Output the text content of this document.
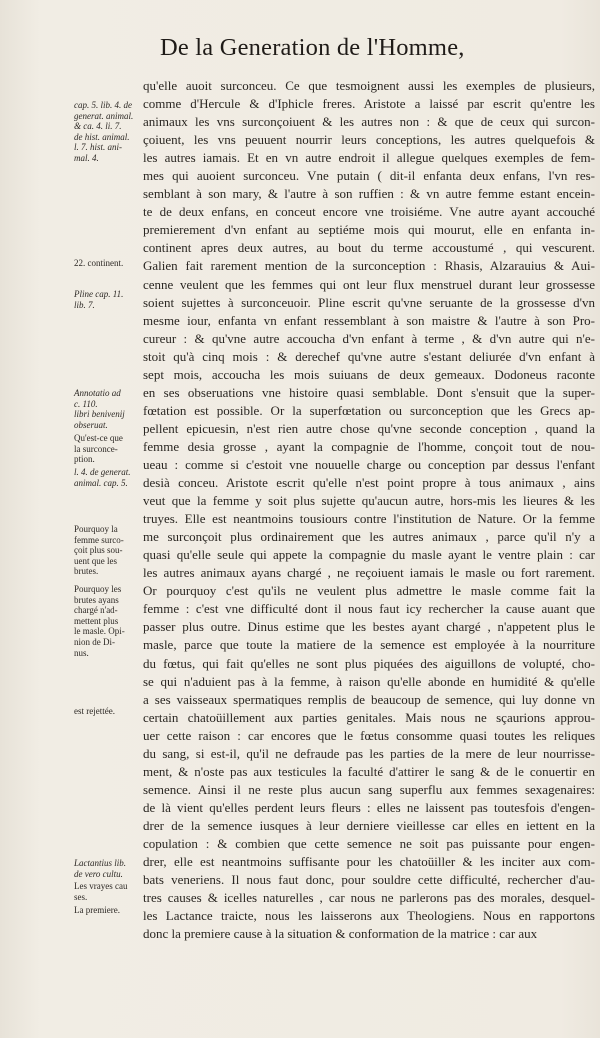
De la Generation de l'Homme,
qu'elle auoit surconceu. Ce que tesmoignent aussi les exemples de plusieurs,
comme d'Hercule & d'Iphicle freres. Aristote a laissé par escrit qu'entre les
animaux les vns surconçoiuent & les autres non : & que de ceux qui surcon-
çoiuent, les vns peuuent nourrir leurs conceptions, les autres quelquefois &
les autres iamais. Et en vn autre endroit il allegue quelques exemples de fem-
mes qui auoient surconceu. Vne putain ( dit-il enfanta deux enfans, l'vn res-
semblant à son mary, & l'autre à son ruffien : & vn autre femme estant encein-
te de deux enfans, en conceut encore vne troisiéme. Vne autre ayant accouché
premierement d'vn enfant au septiéme mois qui mourut, elle en enfanta in-
continent apres deux autres, au bout du terme accoustumé , qui vescurent.
Galien fait rarement mention de la surconception : Rhasis, Alzarauius & Aui-
cenne veulent que les femmes qui ont leur flux menstruel durant leur grossesse
soient sujettes à surconceuoir. Pline escrit qu'vne seruante de la grossesse d'vn
mesme iour, enfanta vn enfant ressemblant à son maistre & l'autre à son Pro-
cureur : & qu'vne autre accoucha d'vn enfant à terme , & d'vn autre qui n'e-
stoit qu'à cinq mois : & derechef qu'vne autre s'estant deliurée d'vn enfant à
sept mois, accoucha les mois suiuans de deux gemeaux. Dodoneus raconte
en ses obseruations vne histoire quasi semblable. Dont s'ensuit que la super-
fœtation est possible. Or la superfœtation ou surconception que les Grecs ap-
pellent epicuesin, n'est rien autre chose qu'vne seconde conception , quand la
femme desia grosse , ayant la compagnie de l'homme, conçoit tout de nou-
ueau : comme si c'estoit vne nouuelle charge ou conception par dessus l'enfant
desià conceu. Aristote escrit qu'elle n'est point propre à tous animaux , ains
veut que la femme y soit plus sujette qu'aucun autre, hors-mis les lieures & les
truyes. Elle est neantmoins tousiours contre l'institution de Nature. Or la femme
me surconçoit plus ordinairement que les autres animaux , parce qu'il n'y a
quasi qu'elle seule qui appete la compagnie du masle ayant le ventre plain : car
les autres animaux ayans chargé , ne reçoiuent iamais le masle ou fort rarement.
Or pourquoy c'est qu'ils ne veulent plus admettre le masle comme fait la
femme : c'est vne difficulté dont il nous faut icy rechercher la cause auant que
passer plus outre. Dinus estime que les bestes ayant chargé , n'appetent plus le
masle, parce que toute la matiere de la semence est employée à la nourriture
du fœtus, qui fait qu'elles ne sont plus piquées des aiguillons de volupté, cho-
se qui n'aduient pas à la femme, à raison qu'elle abonde en humidité & qu'elle
a ses vaisseaux spermatiques remplis de beaucoup de semence, qui luy donne vn
certain chatoüillement aux parties genitales. Mais nous ne sçaurions approu-
uer cette raison : car encores que le fœtus consomme quasi toutes les reliques
du sang, si est-il, qu'il ne defraude pas les parties de la mere de leur nourrisse-
ment, & n'oste pas aux testicules la faculté d'attirer le sang & de le conuertir en
semence. Ainsi il ne reste plus aucun sang superflu aux femmes sexagenaires:
de là vient qu'elles perdent leurs fleurs : elles ne laissent pas toutesfois d'engen-
drer de la semence iusques à leur derniere vieillesse car elles en iettent en la
copulation : & combien que cette semence ne soit pas puissante pour engen-
drer, elle est neantmoins suffisante pour les chatoüiller & les inciter aux com-
bats veneriens. Il nous faut donc, pour souldre cette difficulté, rechercher d'au-
tres causes & icelles naturelles , car nous ne parlerons pas des morales, desquel-
les Lactance traicte, nous les laisserons aux Theologiens. Nous en rapportons
donc la premiere cause à la situation & conformation de la matrice : car aux
cap. 5. lib. 4. de
generat. animal.
& ca. 4. li. 7.
de hist. animal.
l. 7. hist. ani-
mal. 4.
22. continent.
Pline cap. 11.
lib. 7.
Annotatio ad
c. 110.
libri benivenij
obseruat.
Qu'est-ce que
la surconce-
ption.
l. 4. de generat.
animal. cap. 5.
Pourquoy la
femme surco-
çoit plus sou-
uent que les
brutes.
Pourquoy les
brutes ayans
chargé n'ad-
mettent plus
le masle. Opi-
nion de Di-
nus.
est rejettée.
Lactantius lib.
de vero cultu.
Les vrayes cau
ses.
La premiere.
